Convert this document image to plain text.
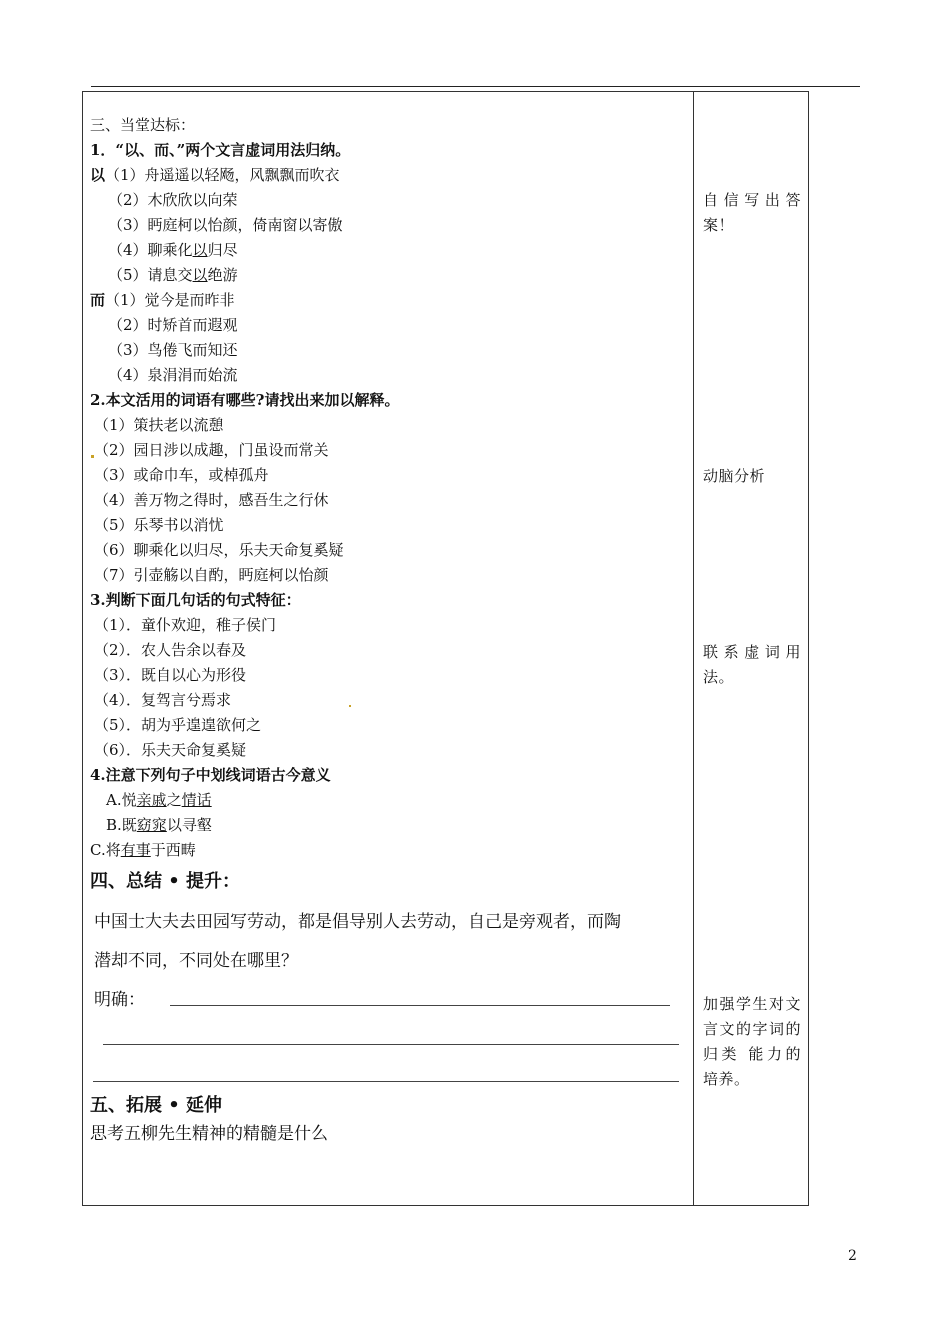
三、当堂达标：
1．“以、而、”两个文言虚词用法归纳。
以（1）舟遥遥以轻飏，风飘飘而吹衣
（2）木欣欣以向荣
（3）眄庭柯以怡颜，倚南窗以寄傲
（4）聊乘化以归尽
（5）请息交以绝游
而（1）觉今是而昨非
（2）时矫首而遐观
（3）鸟倦飞而知还
（4）泉涓涓而始流
2.本文活用的词语有哪些?请找出来加以解释。
（1）策扶老以流憩
（2）园日涉以成趣，门虽设而常关
（3）或命巾车，或棹孤舟
（4）善万物之得时，感吾生之行休
（5）乐琴书以消忧
（6）聊乘化以归尽，乐夫天命复奚疑
（7）引壶觞以自酌，眄庭柯以怡颜
3.判断下面几句话的句式特征：
（1）．童仆欢迎，稚子侯门
（2）．农人告余以春及
（3）．既自以心为形役
（4）．复驾言兮焉求
（5）．胡为乎遑遑欲何之
（6）．乐夫天命复奚疑
4.注意下列句子中划线词语古今意义
A.悦亲戚之情话
B.既窈窕以寻壑
C.将有事于西畴
四、总结 • 提升：
中国士大夫去田园写劳动，都是倡导别人去劳动，自己是旁观者，而陶
潜却不同，不同处在哪里？
明确：
五、拓展 • 延伸
思考五柳先生精神的精髓是什么
自信写出答案！
动脑分析
联系虚词用法。
加强学生对文言文的字词的归类 能力的培养。
2
